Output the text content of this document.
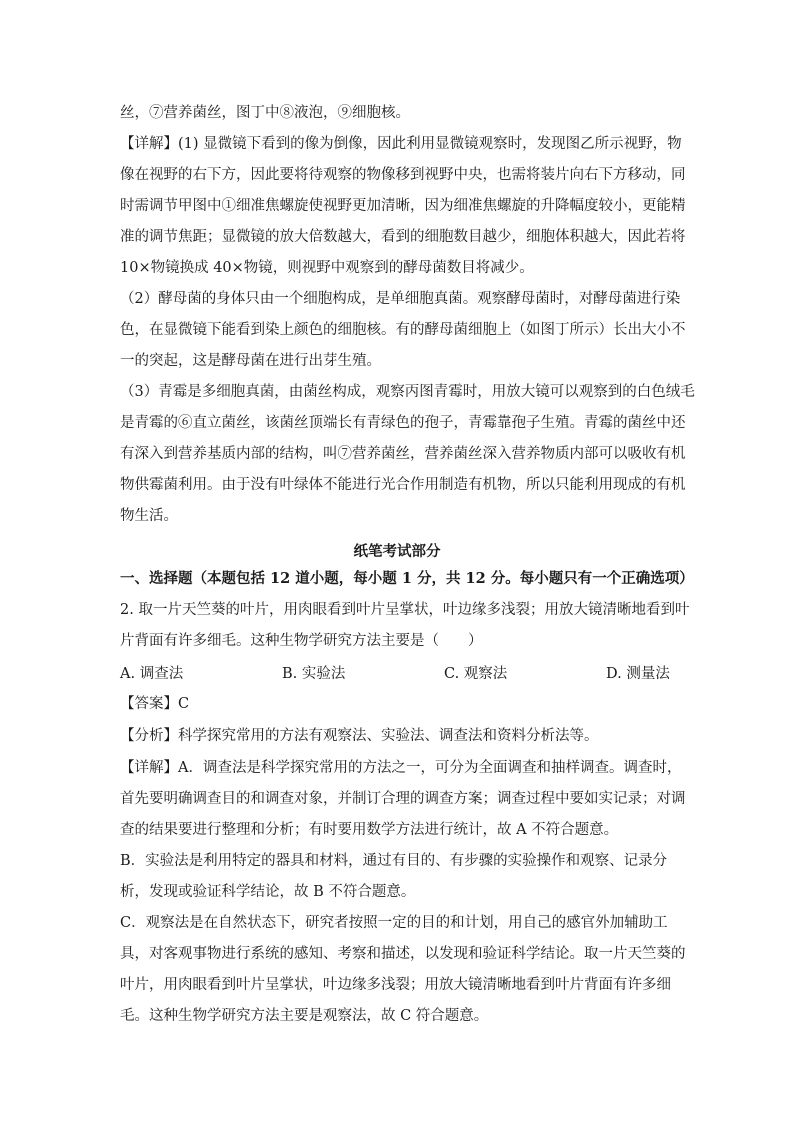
丝，⑦营养菌丝，图丁中⑧液泡，⑨细胞核。
【详解】(1) 显微镜下看到的像为倒像，因此利用显微镜观察时，发现图乙所示视野，物
像在视野的右下方，因此要将待观察的物像移到视野中央，也需将装片向右下方移动，同
时需调节甲图中①细准焦螺旋使视野更加清晰，因为细准焦螺旋的升降幅度较小，更能精
准的调节焦距；显微镜的放大倍数越大，看到的细胞数目越少，细胞体积越大，因此若将
10×物镜换成 40×物镜，则视野中观察到的酵母菌数目将减少。
（2）酵母菌的身体只由一个细胞构成，是单细胞真菌。观察酵母菌时，对酵母菌进行染
色，在显微镜下能看到染上颜色的细胞核。有的酵母菌细胞上（如图丁所示）长出大小不
一的突起，这是酵母菌在进行出芽生殖。
（3）青霉是多细胞真菌，由菌丝构成，观察丙图青霉时，用放大镜可以观察到的白色绒毛
是青霉的⑥直立菌丝，该菌丝顶端长有青绿色的孢子，青霉靠孢子生殖。青霉的菌丝中还
有深入到营养基质内部的结构，叫⑦营养菌丝，营养菌丝深入营养物质内部可以吸收有机
物供霉菌利用。由于没有叶绿体不能进行光合作用制造有机物，所以只能利用现成的有机
物生活。
纸笔考试部分
一、选择题（本题包括 12 道小题，每小题 1 分，共 12 分。每小题只有一个正确选项）
2. 取一片天竺葵的叶片，用肉眼看到叶片呈掌状，叶边缘多浅裂；用放大镜清晰地看到叶
片背面有许多细毛。这种生物学研究方法主要是（　　）
A. 调查法	B. 实验法	C. 观察法	D. 测量法
【答案】C
【分析】科学探究常用的方法有观察法、实验法、调查法和资料分析法等。
【详解】A．调查法是科学探究常用的方法之一，可分为全面调查和抽样调查。调查时，
首先要明确调查目的和调查对象，并制订合理的调查方案；调查过程中要如实记录；对调
查的结果要进行整理和分析；有时要用数学方法进行统计，故 A 不符合题意。
B．实验法是利用特定的器具和材料，通过有目的、有步骤的实验操作和观察、记录分
析，发现或验证科学结论，故 B 不符合题意。
C．观察法是在自然状态下，研究者按照一定的目的和计划，用自己的感官外加辅助工
具，对客观事物进行系统的感知、考察和描述，以发现和验证科学结论。取一片天竺葵的
叶片，用肉眼看到叶片呈掌状，叶边缘多浅裂；用放大镜清晰地看到叶片背面有许多细
毛。这种生物学研究方法主要是观察法，故 C 符合题意。
